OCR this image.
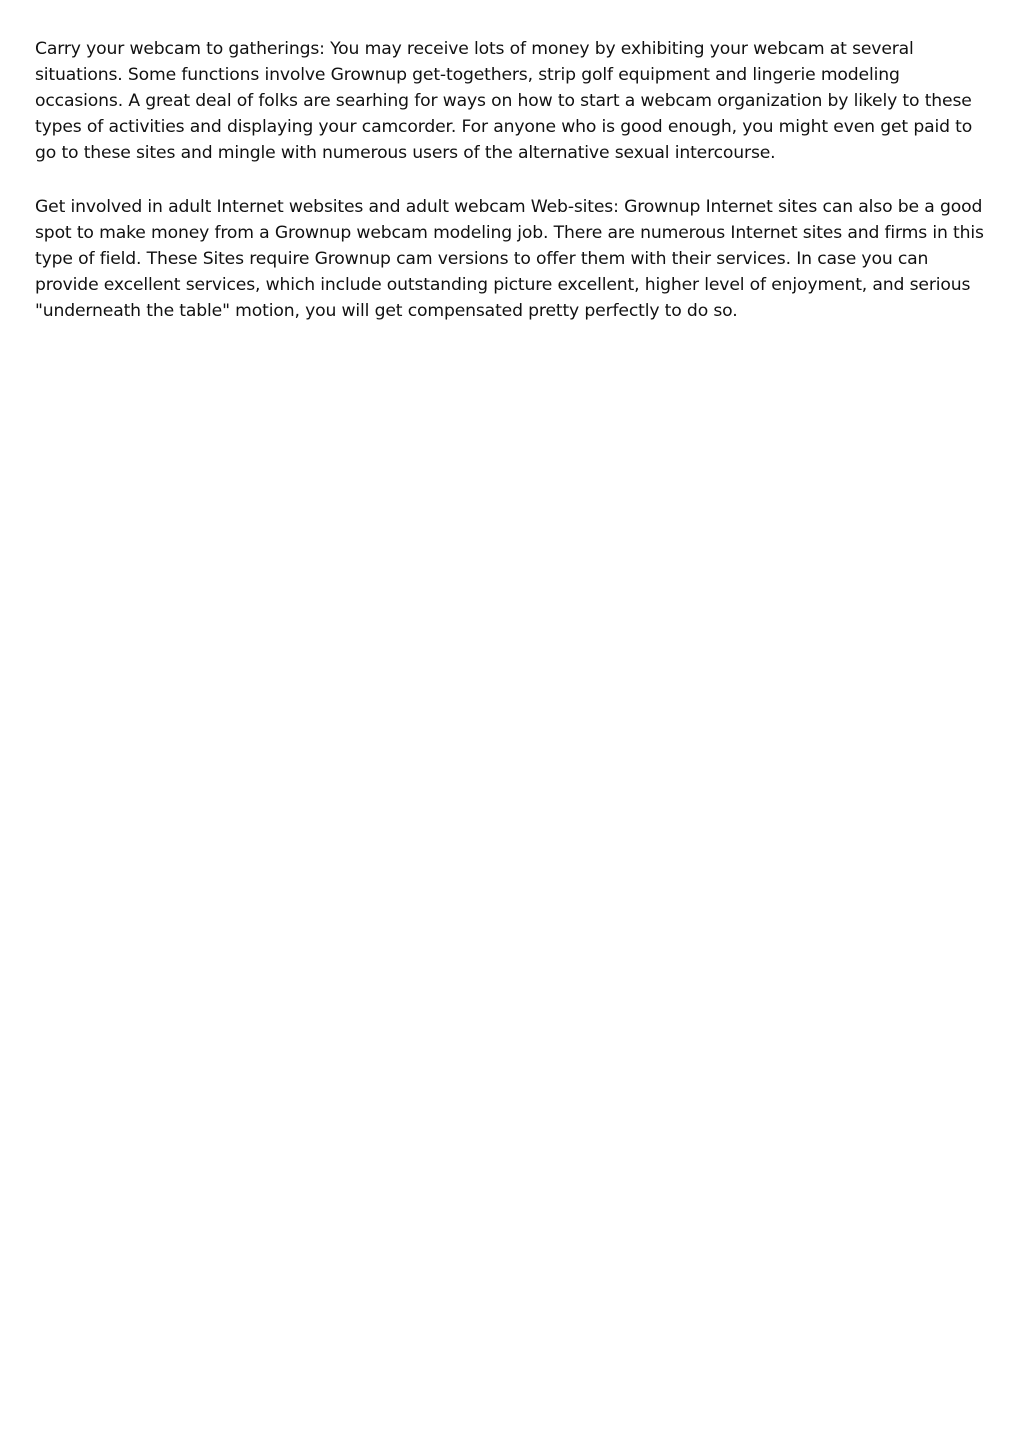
Carry your webcam to gatherings: You may receive lots of money by exhibiting your webcam at several situations. Some functions involve Grownup get-togethers, strip golf equipment and lingerie modeling occasions. A great deal of folks are searhing for ways on how to start a webcam organization by likely to these types of activities and displaying your camcorder. For anyone who is good enough, you might even get paid to go to these sites and mingle with numerous users of the alternative sexual intercourse.

Get involved in adult Internet websites and adult webcam Web-sites: Grownup Internet sites can also be a good spot to make money from a Grownup webcam modeling job. There are numerous Internet sites and firms in this type of field. These Sites require Grownup cam versions to offer them with their services. In case you can provide excellent services, which include outstanding picture excellent, higher level of enjoyment, and serious "underneath the table" motion, you will get compensated pretty perfectly to do so.
